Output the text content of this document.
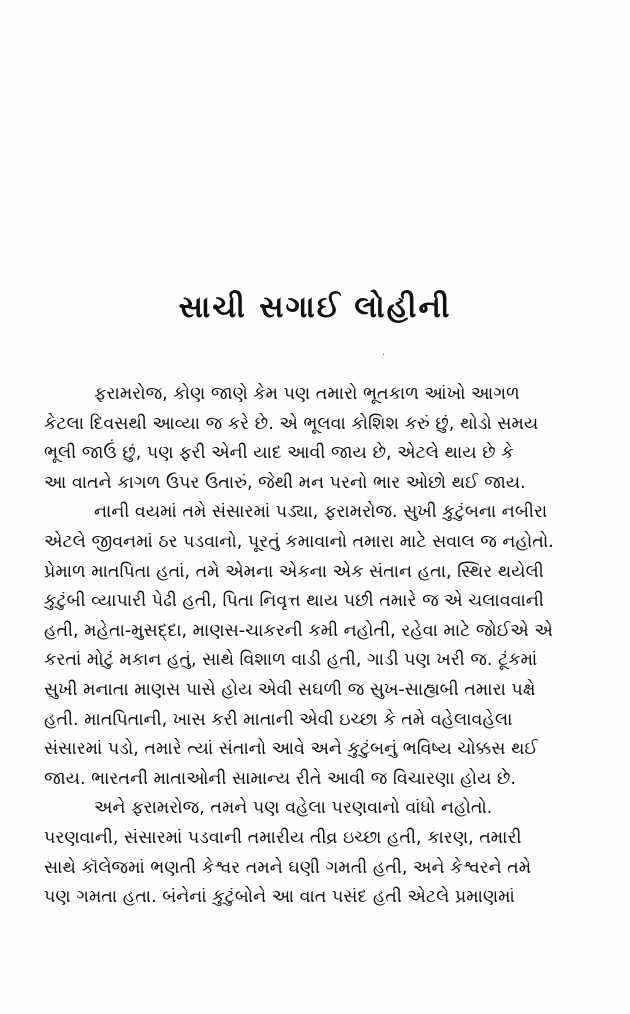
સાચી સગાઈ લોહીની
·
ફરામરોજ, કોણ જાણે કેમ પણ તમારો ભૂતકાળ આંખો આગળ
કેટલા દિવસથી આવ્યા જ કરે છે. એ ભૂલવા કોશિશ કરું છું, થોડો સમય
ભૂલી જાઉં છું, પણ ફરી એની યાદ આવી જાય છે, એટલે થાય છે કે
આ વાતને કાગળ ઉપર ઉતારું, જેથી મન પરનો ભાર ઓછો થઈ જાય.
નાની વયમાં તમે સંસારમાં પડ્યા, ફરામરોજ. સુખી કુટુંબના નબીરા
એટલે જીવનમાં ઠર પડવાનો, પૂરતું કમાવાનો તમારા માટે સવાલ જ નહોતો.
પ્રેમાળ માતપિતા હતાં, તમે એમના એકના એક સંતાન હતા, સ્થિર થયેલી
કુટુંબી વ્યાપારી પેઢી હતી, પિતા નિવૃત્ત થાય પછી તમારે જ એ ચલાવવાની
હતી, મહેતા-મુસદ્દા, માણસ-ચાકરની કમી નહોતી, રહેવા માટે જોઈએ એ
કરતાં મોટું મકાન હતું, સાથે વિશાળ વાડી હતી, ગાડી પણ ખરી જ. ટૂંકમાં
સુખી મનાતા માણસ પાસે હોય એવી સઘળી જ સુખ-સાહ્યબી તમારા પક્ષે
હતી. માતપિતાની, ખાસ કરી માતાની એવી ઇચ્છા કે તમે વહેલાવહેલા
સંસારમાં પડો, તમારે ત્યાં સંતાનો આવે અને કુટુંબનું ભવિષ્ય ચોક્કસ થઈ
જાય. ભારતની માતાઓની સામાન્ય રીતે આવી જ વિચારણા હોય છે.
અને ફરામરોજ, તમને પણ વહેલા પરણવાનો વાંધો નહોતો.
પરણવાની, સંસારમાં પડવાની તમારીય તીવ્ર ઇચ્છા હતી, કારણ, તમારી
સાથે કૉલેજમાં ભણતી કેશ્વર તમને ઘણી ગમતી હતી, અને કેશ્વરને તમે
પણ ગમતા હતા. બંનેનાં કુટુંબોને આ વાત પસંદ હતી એટલે પ્રમાણમાં
